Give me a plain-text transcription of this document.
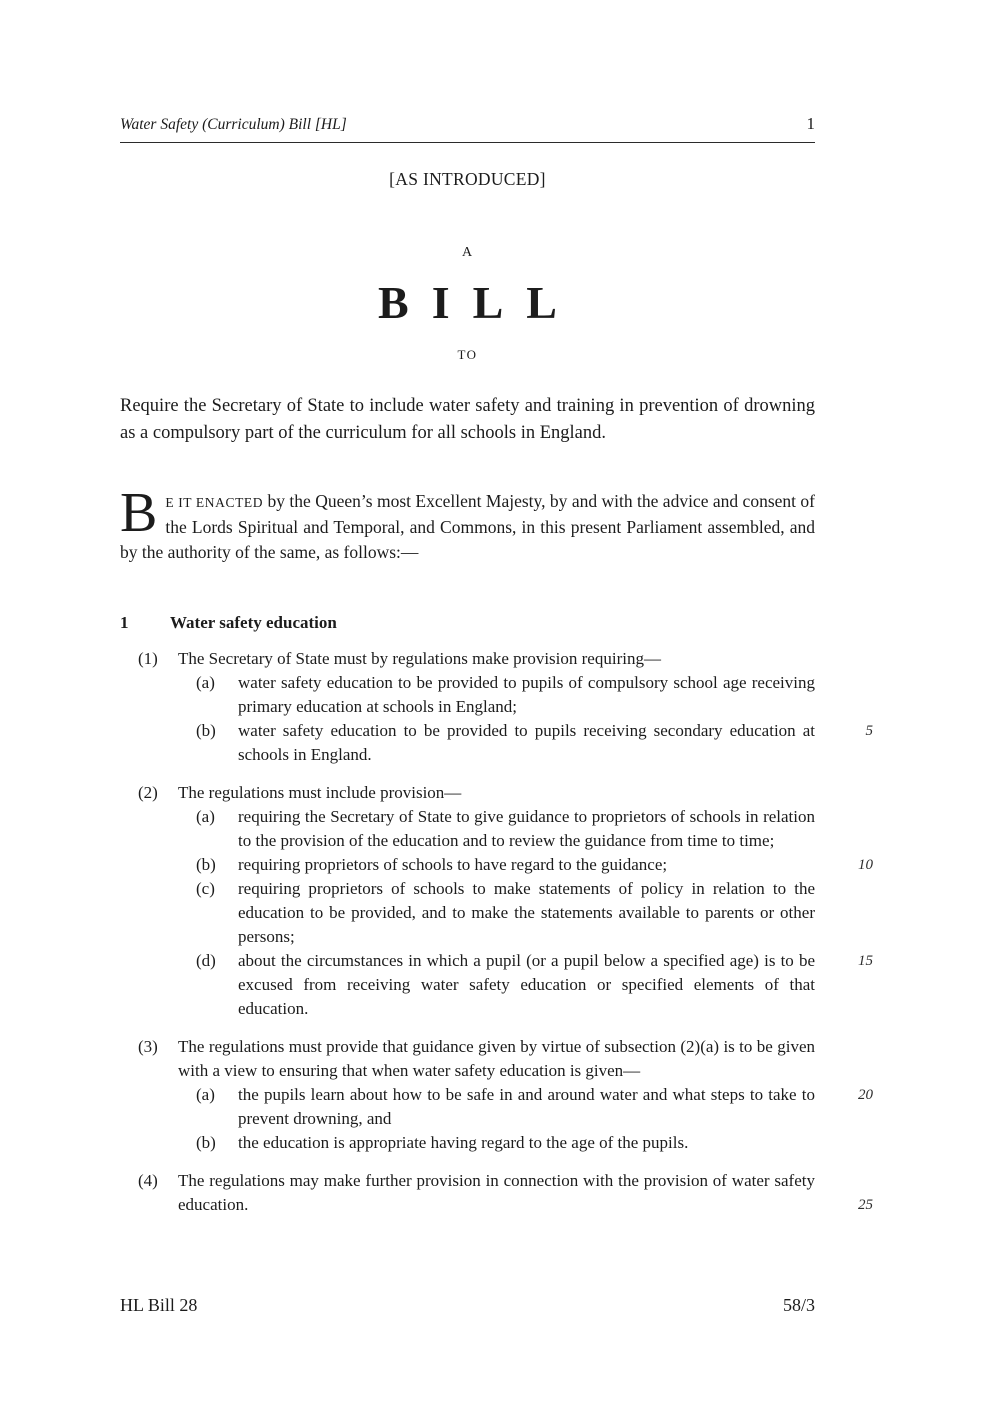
Water Safety (Curriculum) Bill [HL]	1
[AS INTRODUCED]
A
BILL
TO

Require the Secretary of State to include water safety and training in prevention of drowning as a compulsory part of the curriculum for all schools in England.

B E IT ENACTED by the Queen’s most Excellent Majesty, by and with the advice and consent of the Lords Spiritual and Temporal, and Commons, in this present Parliament assembled, and by the authority of the same, as follows:—

1	Water safety education
(1)	The Secretary of State must by regulations make provision requiring—
(a)	water safety education to be provided to pupils of compulsory school age receiving primary education at schools in England;
(b)	water safety education to be provided to pupils receiving secondary education at schools in England.
5
(2)	The regulations must include provision—
(a)	requiring the Secretary of State to give guidance to proprietors of schools in relation to the provision of the education and to review the guidance from time to time;
10
(b)	requiring proprietors of schools to have regard to the guidance;
(c)	requiring proprietors of schools to make statements of policy in relation to the education to be provided, and to make the statements available to parents or other persons;
(d)	about the circumstances in which a pupil (or a pupil below a specified age) is to be excused from receiving water safety education or specified elements of that education.
15
(3)	The regulations must provide that guidance given by virtue of subsection (2)(a) is to be given with a view to ensuring that when water safety education is given—
20
(a)	the pupils learn about how to be safe in and around water and what steps to take to prevent drowning, and
(b)	the education is appropriate having regard to the age of the pupils.
(4)	The regulations may make further provision in connection with the provision of water safety education.	25
HL Bill 28	58/3
